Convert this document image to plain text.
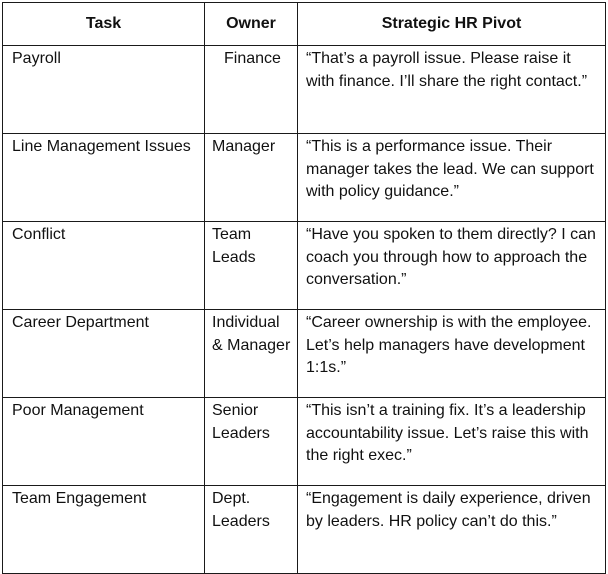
Task	Owner	Strategic HR Pivot
Payroll	Finance	“That’s a payroll issue. Please raise it with finance. I’ll share the right contact.”
Line Management Issues	Manager	“This is a performance issue. Their manager takes the lead. We can support with policy guidance.”
Conflict	Team Leads	“Have you spoken to them directly? I can coach you through how to approach the conversation.”
Career Department	Individual & Manager	“Career ownership is with the employee. Let’s help managers have development 1:1s.”
Poor Management	Senior Leaders	“This isn’t a training fix. It’s a leadership accountability issue. Let’s raise this with the right exec.”
Team Engagement	Dept. Leaders	“Engagement is daily experience, driven by leaders. HR policy can’t do this.”
